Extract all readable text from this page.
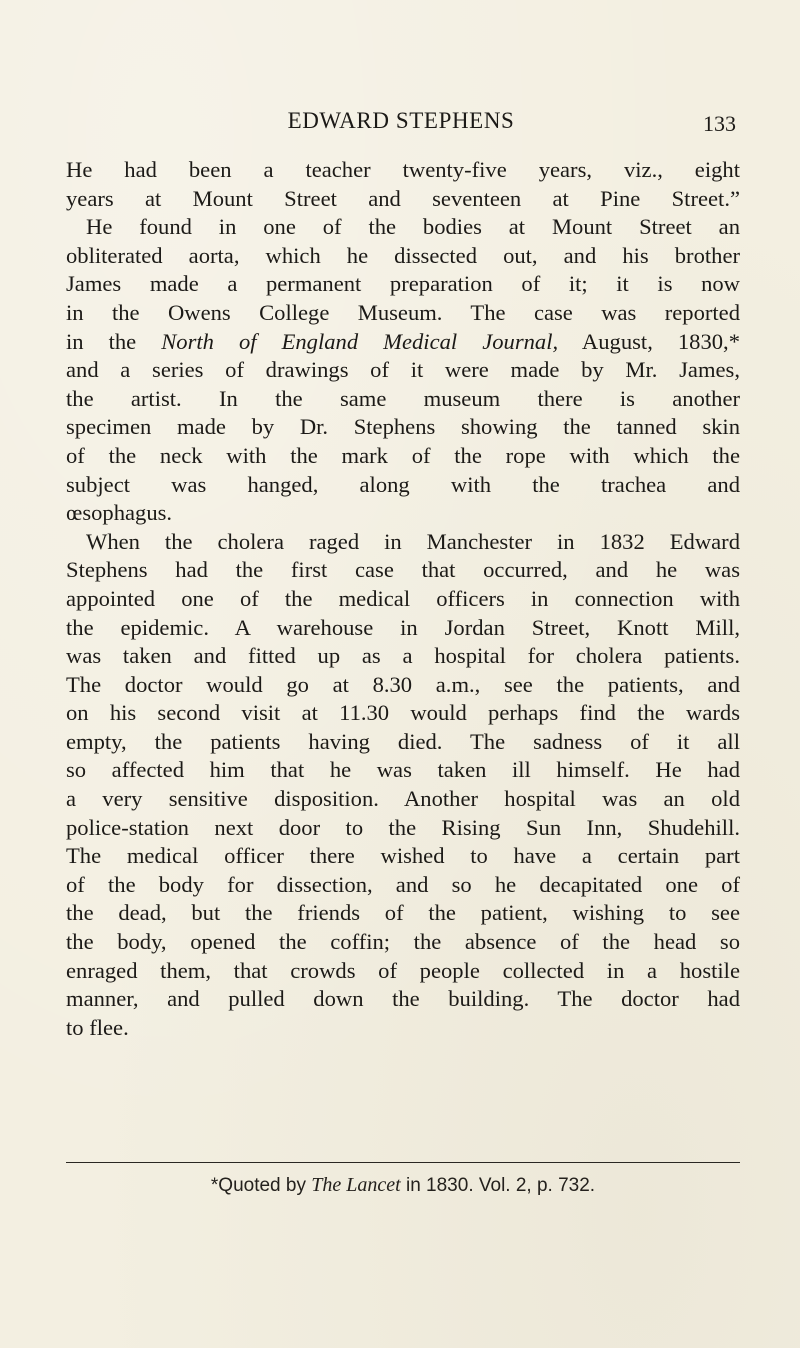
EDWARD STEPHENS	133
He had been a teacher twenty-five years, viz., eight
years at Mount Street and seventeen at Pine Street.”
He found in one of the bodies at Mount Street an
obliterated aorta, which he dissected out, and his brother
James made a permanent preparation of it; it is now
in the Owens College Museum. The case was reported
in the North of England Medical Journal, August, 1830,*
and a series of drawings of it were made by Mr. James,
the artist. In the same museum there is another
specimen made by Dr. Stephens showing the tanned skin
of the neck with the mark of the rope with which the
subject was hanged, along with the trachea and
œsophagus.
When the cholera raged in Manchester in 1832 Edward
Stephens had the first case that occurred, and he was
appointed one of the medical officers in connection with
the epidemic. A warehouse in Jordan Street, Knott Mill,
was taken and fitted up as a hospital for cholera patients.
The doctor would go at 8.30 a.m., see the patients, and
on his second visit at 11.30 would perhaps find the wards
empty, the patients having died. The sadness of it all
so affected him that he was taken ill himself. He had
a very sensitive disposition. Another hospital was an old
police-station next door to the Rising Sun Inn, Shudehill.
The medical officer there wished to have a certain part
of the body for dissection, and so he decapitated one of
the dead, but the friends of the patient, wishing to see
the body, opened the coffin; the absence of the head so
enraged them, that crowds of people collected in a hostile
manner, and pulled down the building. The doctor had
to flee.
*Quoted by The Lancet in 1830. Vol. 2, p. 732.
